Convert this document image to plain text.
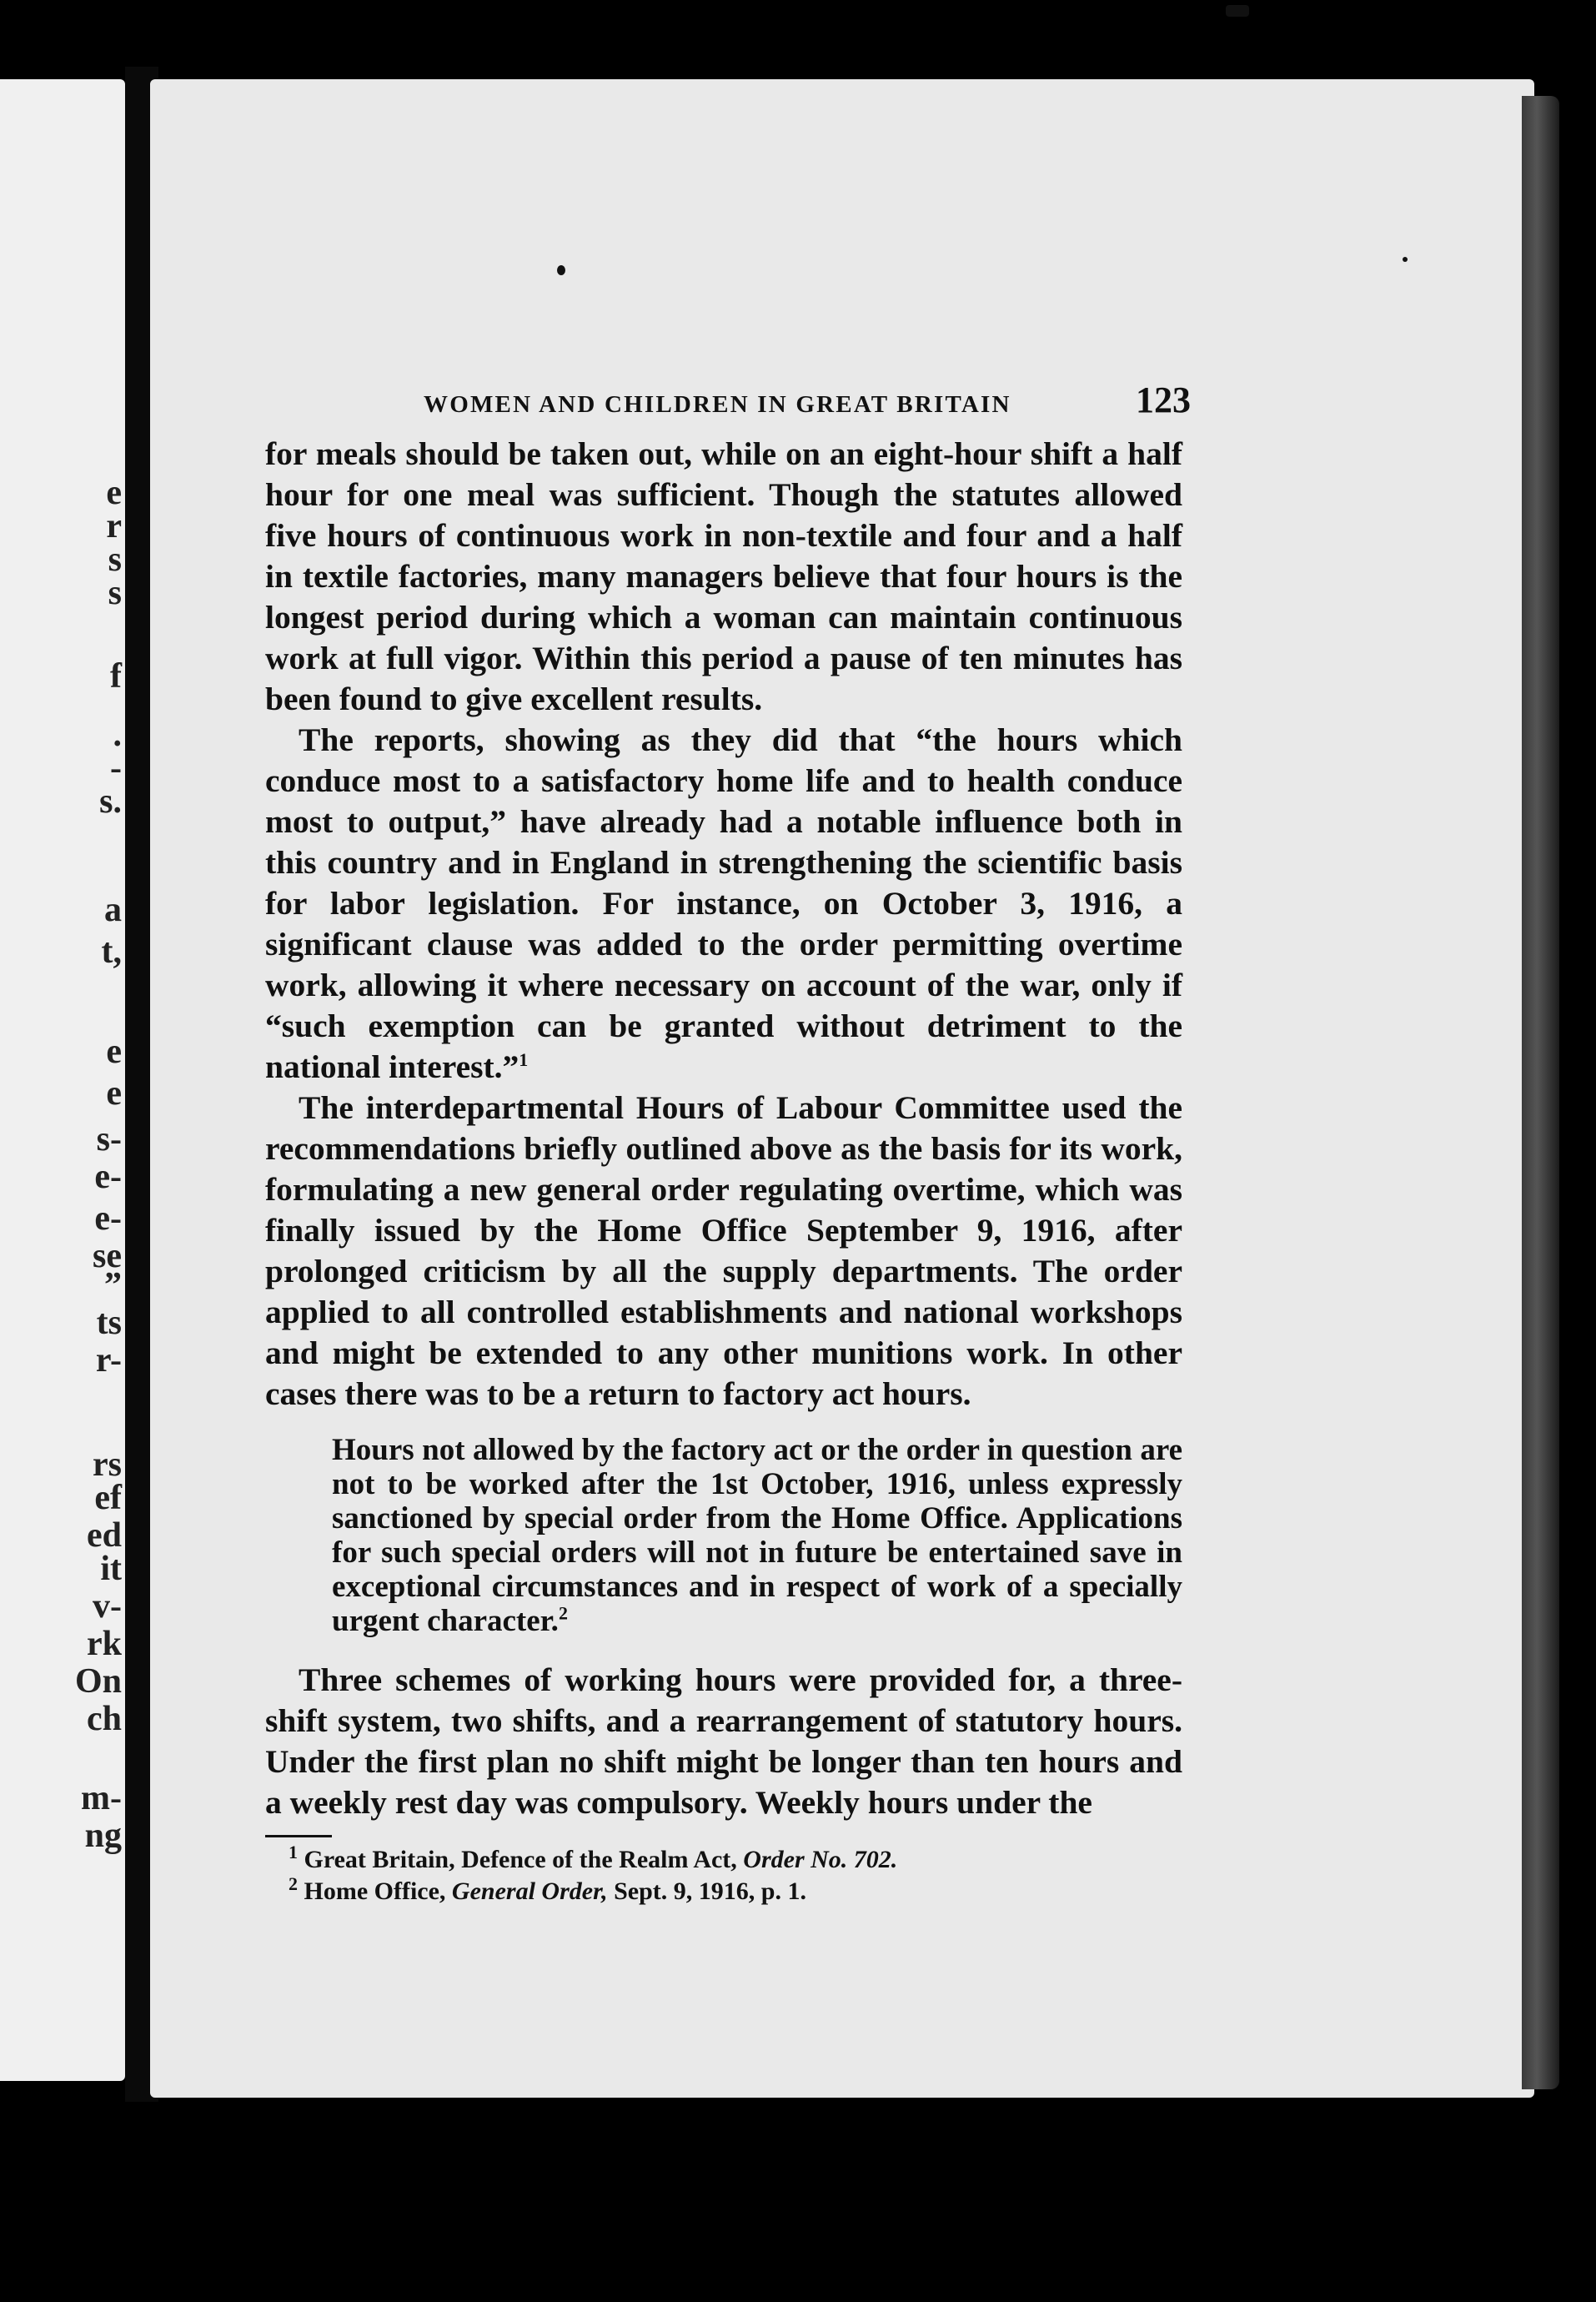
e
r
s
s
f
.
-
s.
a
t,
e
e
s-
e-
e-
se
”
ts
r-
rs
ef
ed
it
v-
rk
On
ch
m-
ng
WOMEN AND CHILDREN IN GREAT BRITAIN	123

for meals should be taken out, while on an eight-hour shift a half hour for one meal was sufficient. Though the statutes allowed five hours of continuous work in non-textile and four and a half in textile factories, many managers believe that four hours is the longest period during which a woman can maintain continuous work at full vigor. Within this period a pause of ten minutes has been found to give excellent results.

The reports, showing as they did that “the hours which conduce most to a satisfactory home life and to health conduce most to output,” have already had a notable influence both in this country and in England in strengthening the scientific basis for labor legislation. For instance, on October 3, 1916, a significant clause was added to the order permitting overtime work, allowing it where necessary on account of the war, only if “such exemption can be granted without detriment to the national interest.”$^1$

The interdepartmental Hours of Labour Committee used the recommendations briefly outlined above as the basis for its work, formulating a new general order regulating overtime, which was finally issued by the Home Office September 9, 1916, after prolonged criticism by all the supply departments. The order applied to all controlled establishments and national workshops and might be extended to any other munitions work. In other cases there was to be a return to factory act hours.

Hours not allowed by the factory act or the order in question are not to be worked after the 1st October, 1916, unless expressly sanctioned by special order from the Home Office. Applications for such special orders will not in future be entertained save in exceptional circumstances and in respect of work of a specially urgent character.$^2$

Three schemes of working hours were provided for, a three-shift system, two shifts, and a rearrangement of statutory hours. Under the first plan no shift might be longer than ten hours and a weekly rest day was compulsory. Weekly hours under the

$^1$ Great Britain, Defence of the Realm Act, Order No. 702.
$^2$ Home Office, General Order, Sept. 9, 1916, p. 1.
